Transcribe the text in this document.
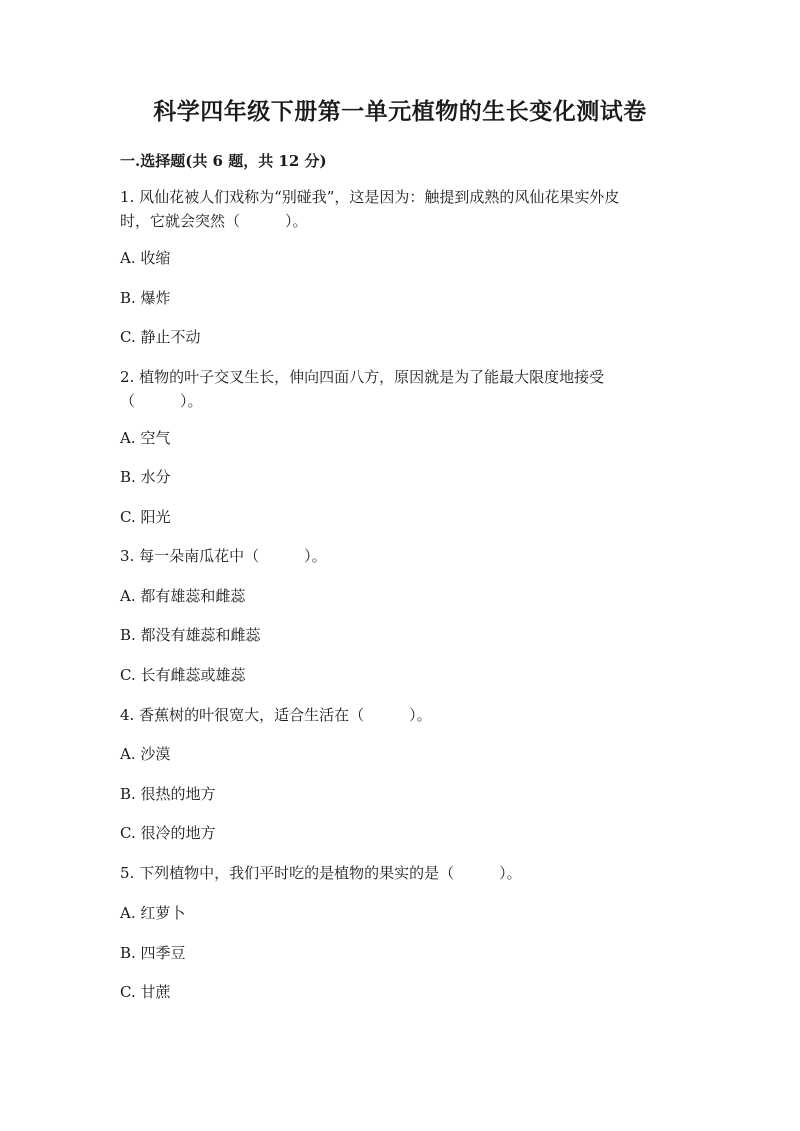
科学四年级下册第一单元植物的生长变化测试卷
一.选择题(共 6 题，共 12 分)
1. 风仙花被人们戏称为“别碰我”，这是因为：触提到成熟的风仙花果实外皮
时，它就会突然（　　　）。
A. 收缩
B. 爆炸
C. 静止不动
2. 植物的叶子交叉生长，伸向四面八方，原因就是为了能最大限度地接受
（　　　）。
A. 空气
B. 水分
C. 阳光
3. 每一朵南瓜花中（　　　）。
A. 都有雄蕊和雌蕊
B. 都没有雄蕊和雌蕊
C. 长有雌蕊或雄蕊
4. 香蕉树的叶很宽大，适合生活在（　　　）。
A. 沙漠
B. 很热的地方
C. 很冷的地方
5. 下列植物中，我们平时吃的是植物的果实的是（　　　）。
A. 红萝卜
B. 四季豆
C. 甘蔗
